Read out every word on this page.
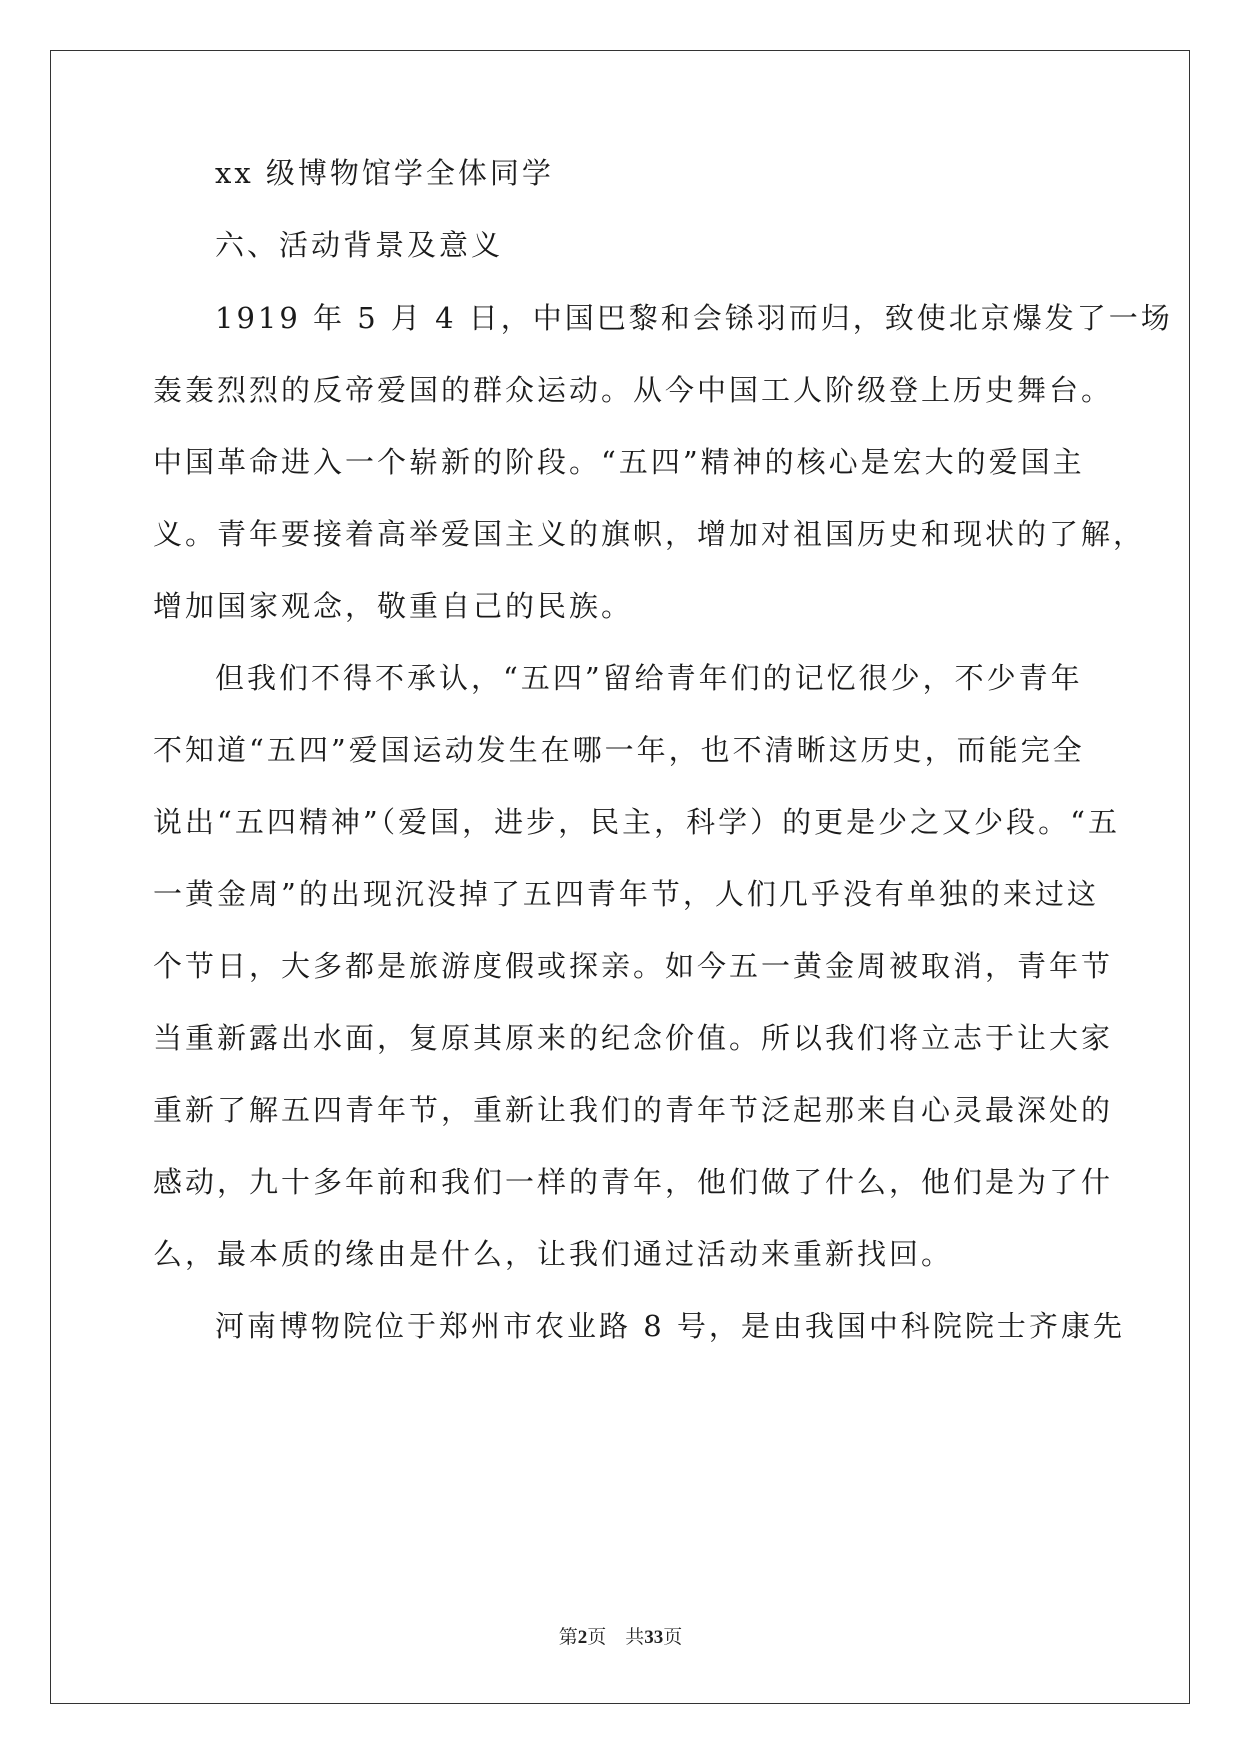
xx 级博物馆学全体同学
六、活动背景及意义
1919 年 5 月 4 日，中国巴黎和会铩羽而归，致使北京爆发了一场
轰轰烈烈的反帝爱国的群众运动。从今中国工人阶级登上历史舞台。
中国革命进入一个崭新的阶段。“五四”精神的核心是宏大的爱国主
义。青年要接着高举爱国主义的旗帜，增加对祖国历史和现状的了解，
增加国家观念，敬重自己的民族。
但我们不得不承认，“五四”留给青年们的记忆很少，不少青年
不知道“五四”爱国运动发生在哪一年，也不清晰这历史，而能完全
说出“五四精神”（爱国，进步，民主，科学）的更是少之又少段。“五
一黄金周”的出现沉没掉了五四青年节，人们几乎没有单独的来过这
个节日，大多都是旅游度假或探亲。如今五一黄金周被取消，青年节
当重新露出水面，复原其原来的纪念价值。所以我们将立志于让大家
重新了解五四青年节，重新让我们的青年节泛起那来自心灵最深处的
感动，九十多年前和我们一样的青年，他们做了什么，他们是为了什
么，最本质的缘由是什么，让我们通过活动来重新找回。
河南博物院位于郑州市农业路 8 号，是由我国中科院院士齐康先
第2页　共33页
